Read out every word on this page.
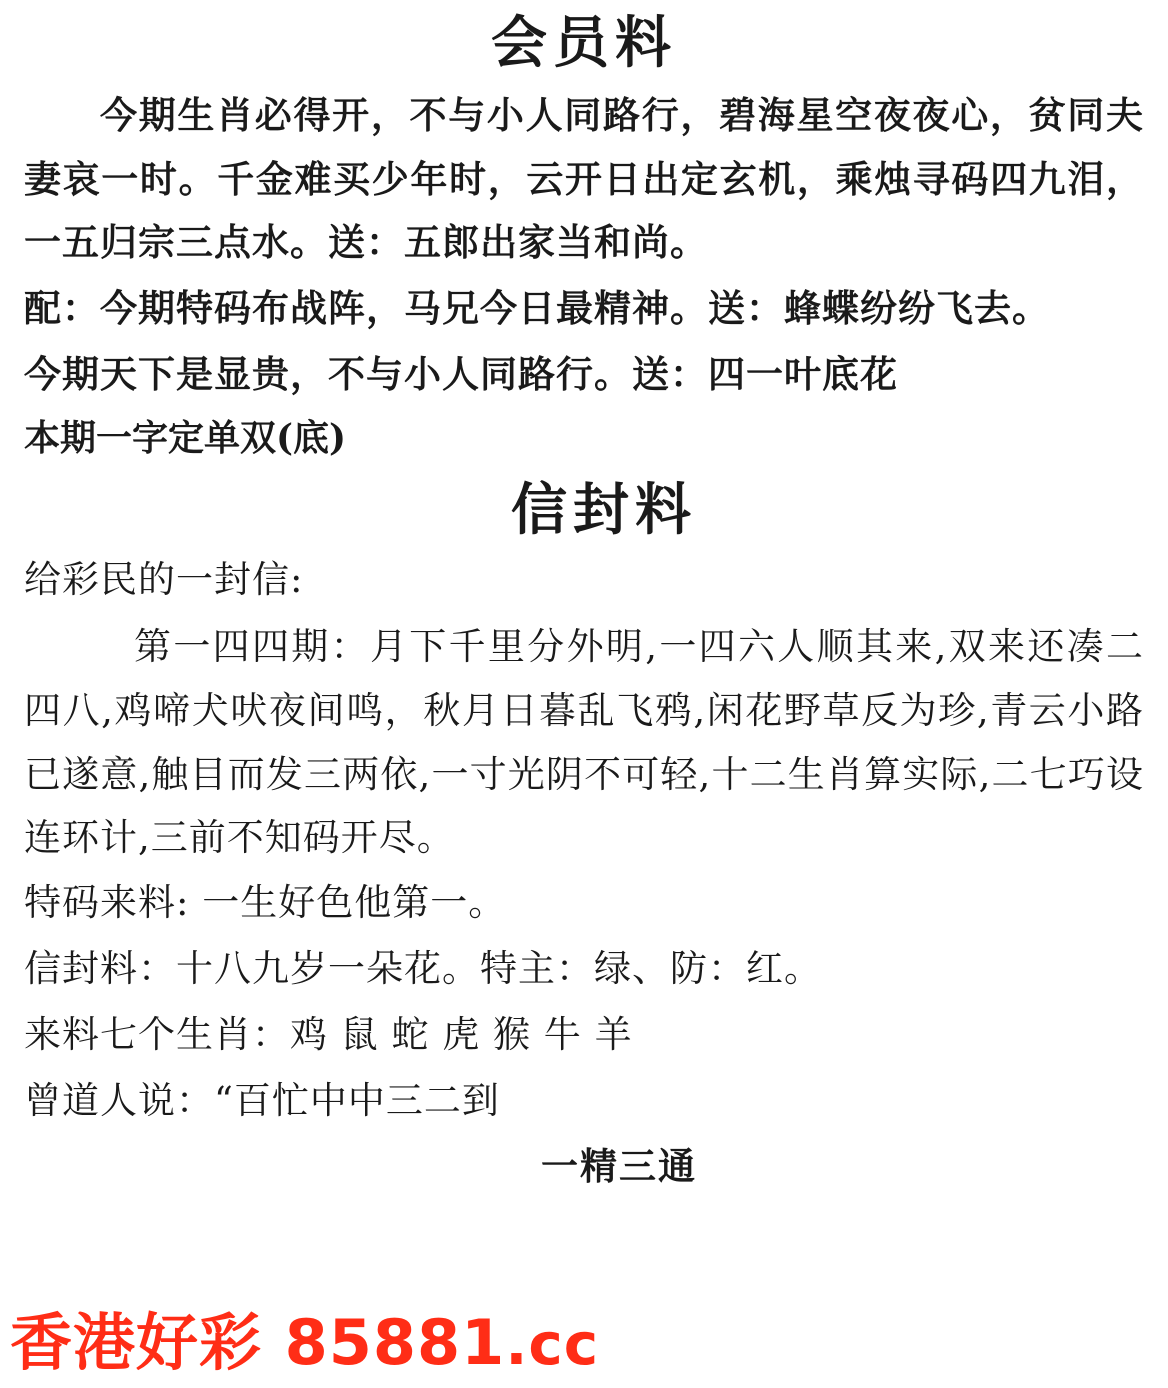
会员料
今期生肖必得开，不与小人同路行，碧海星空夜夜心，贫同夫妻哀一时。千金难买少年时，云开日出定玄机，乘烛寻码四九泪，一五归宗三点水。送：五郎出家当和尚。
配：今期特码布战阵，马兄今日最精神。送：蜂蝶纷纷飞去。
今期天下是显贵，不与小人同路行。送：四一叶底花
本期一字定单双(底)
信封料
给彩民的一封信:
第一四四期：月下千里分外明,一四六人顺其来,双来还凑二四八,鸡啼犬吠夜间鸣，秋月日暮乱飞鸦,闲花野草反为珍,青云小路已遂意,触目而发三两依,一寸光阴不可轻,十二生肖算实际,二七巧设连环计,三前不知码开尽。
特码来料: 一生好色他第一。
信封料：十八九岁一朵花。特主：绿、防：红。
来料七个生肖：鸡 鼠 蛇 虎 猴 牛 羊
曾道人说：“百忙中中三二到
一精三通
香港好彩 85881.cc
